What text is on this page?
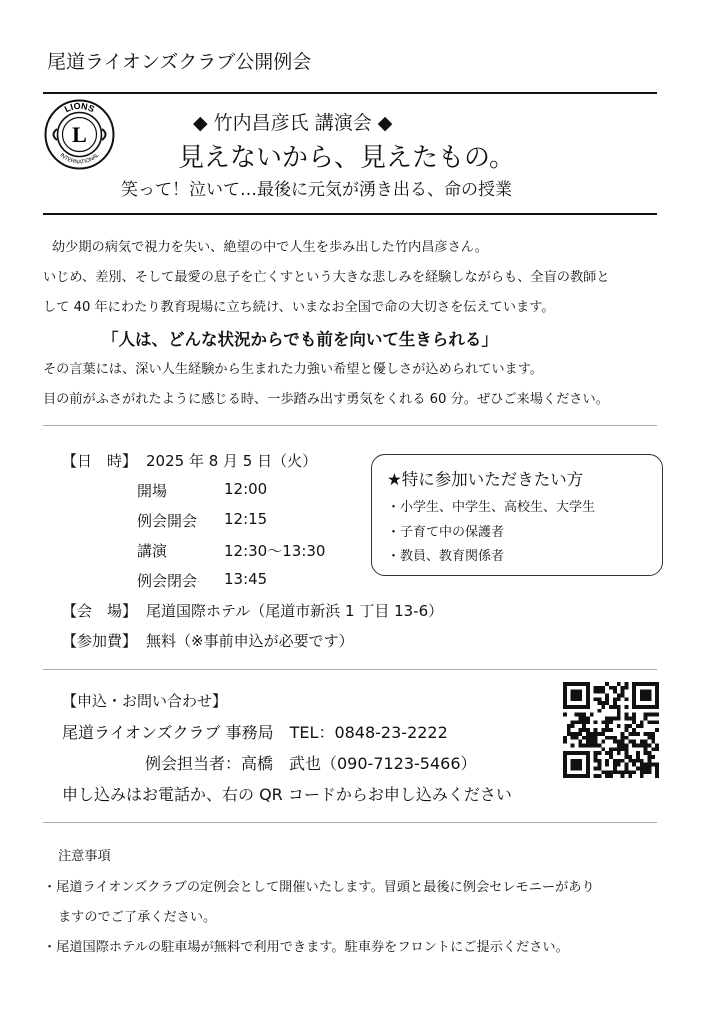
尾道ライオンズクラブ公開例会
LIONS
INTERNATIONAL
L	◆ 竹内昌彦氏 講演会 ◆
見えないから、見えたもの。
笑って！泣いて…最後に元気が湧き出る、命の授業
幼少期の病気で視力を失い、絶望の中で人生を歩み出した竹内昌彦さん。
いじめ、差別、そして最愛の息子を亡くすという大きな悲しみを経験しながらも、全盲の教師と
して 40 年にわたり教育現場に立ち続け、いまなお全国で命の大切さを伝えています。
「人は、どんな状況からでも前を向いて生きられる」
その言葉には、深い人生経験から生まれた力強い希望と優しさが込められています。
目の前がふさがれたように感じる時、一歩踏み出す勇気をくれる 60 分。ぜひご来場ください。
【日　時】 2025 年 8 月 5 日（火）
開場	12:00
例会開会 12:15
講演	12:30～13:30
例会閉会 13:45
【会　場】 尾道国際ホテル（尾道市新浜 1 丁目 13-6）
【参加費】 無料（※事前申込が必要です）
★特に参加いただきたい方
・小学生、中学生、高校生、大学生
・子育て中の保護者
・教員、教育関係者
【申込・お問い合わせ】
尾道ライオンズクラブ 事務局　TEL：0848-23-2222
例会担当者：高橋　武也（090-7123-5466）
申し込みはお電話か、右の QR コードからお申し込みください
注意事項
・尾道ライオンズクラブの定例会として開催いたします。冒頭と最後に例会セレモニーがあり
ますのでご了承ください。
・尾道国際ホテルの駐車場が無料で利用できます。駐車券をフロントにご提示ください。
